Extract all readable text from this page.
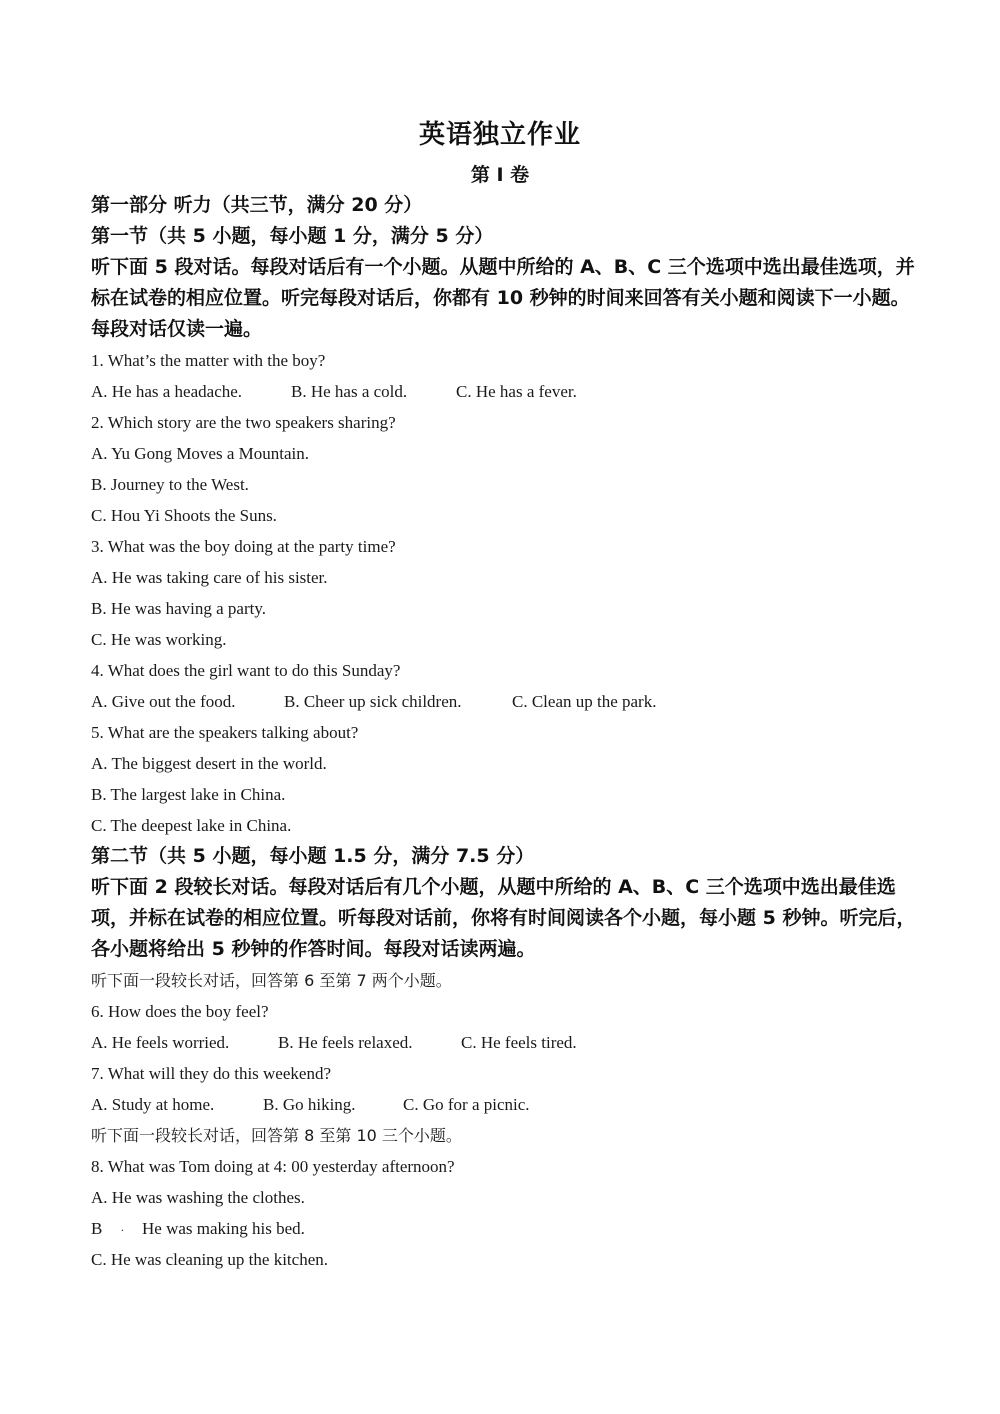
英语独立作业
第 I 卷
第一部分 听力（共三节，满分 20 分）
第一节（共 5 小题，每小题 1 分，满分 5 分）
听下面 5 段对话。每段对话后有一个小题。从题中所给的 A、B、C 三个选项中选出最佳选项，并标在试卷的相应位置。听完每段对话后，你都有 10 秒钟的时间来回答有关小题和阅读下一小题。每段对话仅读一遍。
1. What’s the matter with the boy?
A. He has a headache.	B. He has a cold.	C. He has a fever.
2. Which story are the two speakers sharing?
A. Yu Gong Moves a Mountain.
B. Journey to the West.
C. Hou Yi Shoots the Suns.
3. What was the boy doing at the party time?
A. He was taking care of his sister.
B. He was having a party.
C. He was working.
4. What does the girl want to do this Sunday?
A. Give out the food.	B. Cheer up sick children.	C. Clean up the park.
5. What are the speakers talking about?
A. The biggest desert in the world.
B. The largest lake in China.
C. The deepest lake in China.
第二节（共 5 小题，每小题 1.5 分，满分 7.5 分）
听下面 2 段较长对话。每段对话后有几个小题，从题中所给的 A、B、C 三个选项中选出最佳选项，并标在试卷的相应位置。听每段对话前，你将有时间阅读各个小题，每小题 5 秒钟。听完后，各小题将给出 5 秒钟的作答时间。每段对话读两遍。
听下面一段较长对话，回答第 6 至第 7 两个小题。
6. How does the boy feel?
A. He feels worried.	B. He feels relaxed.	C. He feels tired.
7. What will they do this weekend?
A. Study at home.	B. Go hiking.	C. Go for a picnic.
听下面一段较长对话，回答第 8 至第 10 三个小题。
8. What was Tom doing at 4: 00 yesterday afternoon?
A. He was washing the clothes.
B · He was making his bed.
C. He was cleaning up the kitchen.
